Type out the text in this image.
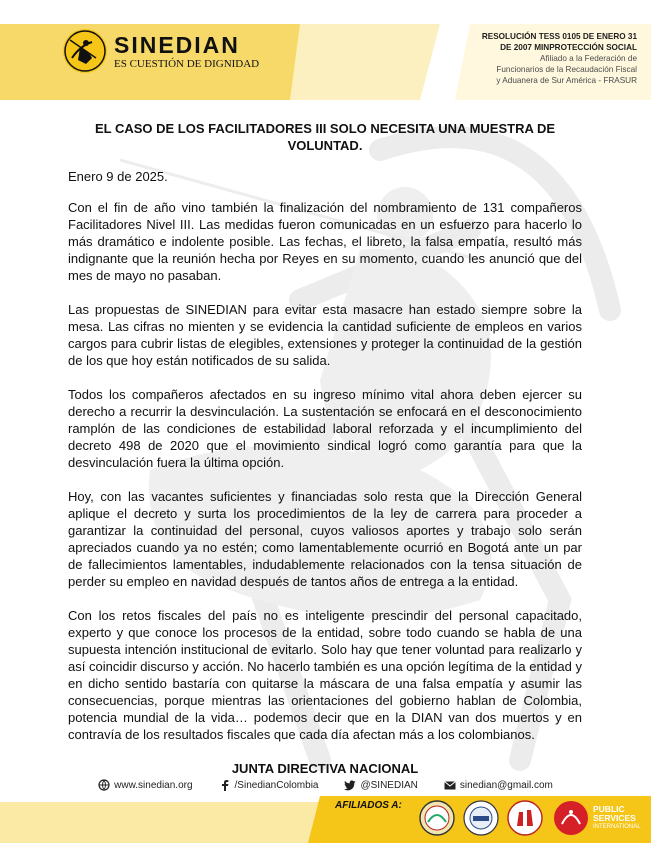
SINEDIAN
ES CUESTIÓN DE DIGNIDAD
RESOLUCIÓN TESS 0105 DE ENERO 31
DE 2007 MINPROTECCIÓN SOCIAL
Afiliado a la Federación de
Funcionarios de la Recaudación Fiscal
y Aduanera de Sur América - FRASUR
EL CASO DE LOS FACILITADORES III SOLO NECESITA UNA MUESTRA DE VOLUNTAD.
Enero 9 de 2025.

Con el fin de año vino también la finalización del nombramiento de 131 compañeros Facilitadores Nivel III. Las medidas fueron comunicadas en un esfuerzo para hacerlo lo más dramático e indolente posible. Las fechas, el libreto, la falsa empatía, resultó más indignante que la reunión hecha por Reyes en su momento, cuando les anunció que del mes de mayo no pasaban.

Las propuestas de SINEDIAN para evitar esta masacre han estado siempre sobre la mesa. Las cifras no mienten y se evidencia la cantidad suficiente de empleos en varios cargos para cubrir listas de elegibles, extensiones y proteger la continuidad de la gestión de los que hoy están notificados de su salida.

Todos los compañeros afectados en su ingreso mínimo vital ahora deben ejercer su derecho a recurrir la desvinculación. La sustentación se enfocará en el desconocimiento ramplón de las condiciones de estabilidad laboral reforzada y el incumplimiento del decreto 498 de 2020 que el movimiento sindical logró como garantía para que la desvinculación fuera la última opción.

Hoy, con las vacantes suficientes y financiadas solo resta que la Dirección General aplique el decreto y surta los procedimientos de la ley de carrera para proceder a garantizar la continuidad del personal, cuyos valiosos aportes y trabajo solo serán apreciados cuando ya no estén; como lamentablemente ocurrió en Bogotá ante un par de fallecimientos lamentables, indudablemente relacionados con la tensa situación de perder su empleo en navidad después de tantos años de entrega a la entidad.

Con los retos fiscales del país no es inteligente prescindir del personal capacitado, experto y que conoce los procesos de la entidad, sobre todo cuando se habla de una supuesta intención institucional de evitarlo. Solo hay que tener voluntad para realizarlo y así coincidir discurso y acción. No hacerlo también es una opción legítima de la entidad y en dicho sentido bastaría con quitarse la máscara de una falsa empatía y asumir las consecuencias, porque mientras las orientaciones del gobierno hablan de Colombia, potencia mundial de la vida… podemos decir que en la DIAN van dos muertos y en contravía de los resultados fiscales que cada día afectan más a los colombianos.

JUNTA DIRECTIVA NACIONAL
www.sinedian.org	/SinedianColombia	@SINEDIAN	sinedian@gmail.com
AFILIADOS A:	PUBLIC
SERVICES
INTERNATIONAL
